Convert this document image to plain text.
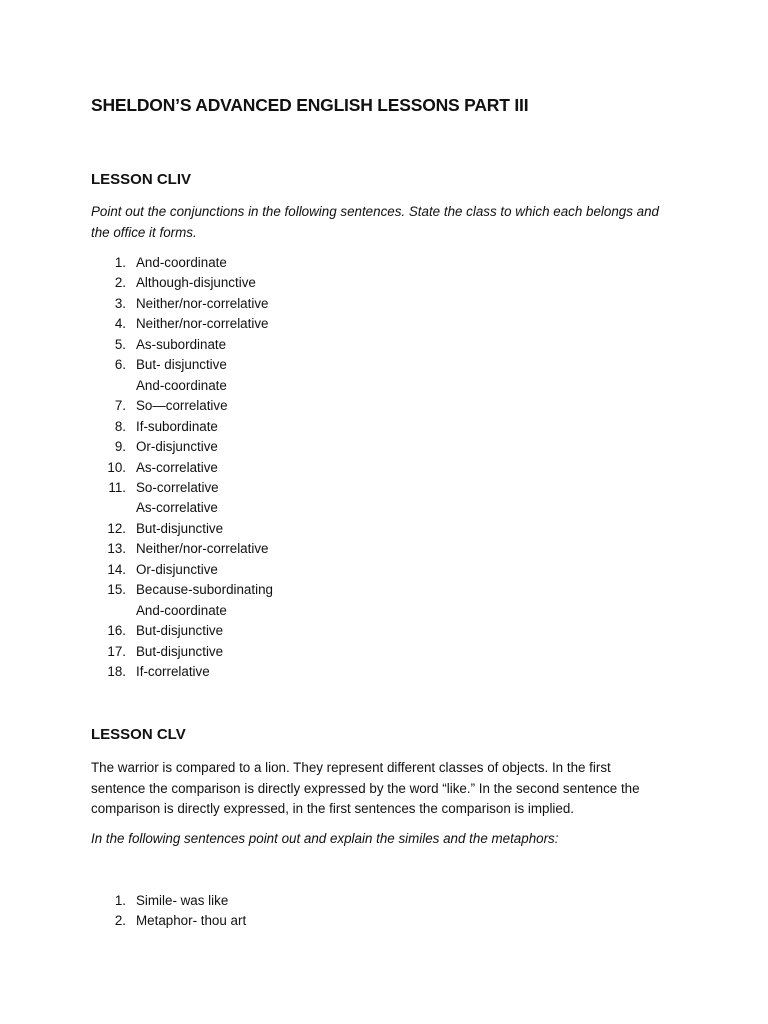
SHELDON’S ADVANCED ENGLISH LESSONS PART III
LESSON CLIV

Point out the conjunctions in the following sentences. State the class to which each belongs and
the office it forms.

1. And-coordinate
2. Although-disjunctive
3. Neither/nor-correlative
4. Neither/nor-correlative
5. As-subordinate
6. But- disjunctive
And-coordinate
7. So—correlative
8. If-subordinate
9. Or-disjunctive
10. As-correlative
11. So-correlative
As-correlative
12. But-disjunctive
13. Neither/nor-correlative
14. Or-disjunctive
15. Because-subordinating
And-coordinate
16. But-disjunctive
17. But-disjunctive
18. If-correlative
LESSON CLV

The warrior is compared to a lion. They represent different classes of objects. In the first
sentence the comparison is directly expressed by the word “like.” In the second sentence the
comparison is directly expressed, in the first sentences the comparison is implied.

In the following sentences point out and explain the similes and the metaphors:

1. Simile- was like
2. Metaphor- thou art
